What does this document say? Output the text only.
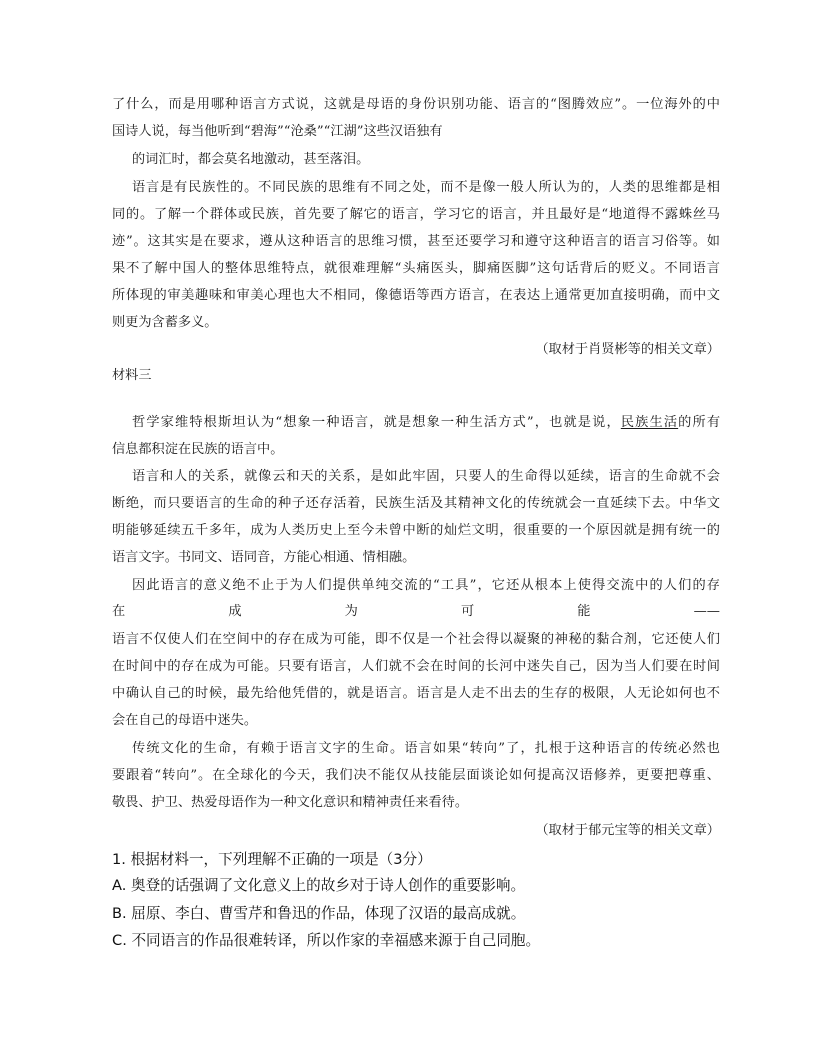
了什么，而是用哪种语言方式说，这就是母语的身份识别功能、语言的“图腾效应”。一位海外的中
国诗人说，每当他听到“碧海”“沧桑”“江湖”这些汉语独有
的词汇时，都会莫名地激动，甚至落泪。
语言是有民族性的。不同民族的思维有不同之处，而不是像一般人所认为的，人类的思维都是相
同的。了解一个群体或民族，首先要了解它的语言，学习它的语言，并且最好是“地道得不露蛛丝马
迹”。这其实是在要求，遵从这种语言的思维习惯，甚至还要学习和遵守这种语言的语言习俗等。如
果不了解中国人的整体思维特点，就很难理解“头痛医头，脚痛医脚”这句话背后的贬义。不同语言
所体现的审美趣味和审美心理也大不相同，像德语等西方语言，在表达上通常更加直接明确，而中文
则更为含蓄多义。
（取材于肖贤彬等的相关文章）
材料三
哲学家维特根斯坦认为“想象一种语言，就是想象一种生活方式”，也就是说，民族生活的所有
信息都积淀在民族的语言中。
语言和人的关系，就像云和天的关系，是如此牢固，只要人的生命得以延续，语言的生命就不会
断绝，而只要语言的生命的种子还存活着，民族生活及其精神文化的传统就会一直延续下去。中华文
明能够延续五千多年，成为人类历史上至今未曾中断的灿烂文明，很重要的一个原因就是拥有统一的
语言文字。书同文、语同音，方能心相通、情相融。
因此语言的意义绝不止于为人们提供单纯交流的“工具”，它还从根本上使得交流中的人们的存
在	成	为	可	能	——
语言不仅使人们在空间中的存在成为可能，即不仅是一个社会得以凝聚的神秘的黏合剂，它还使人们
在时间中的存在成为可能。只要有语言，人们就不会在时间的长河中迷失自己，因为当人们要在时间
中确认自己的时候，最先给他凭借的，就是语言。语言是人走不出去的生存的极限，人无论如何也不
会在自己的母语中迷失。
传统文化的生命，有赖于语言文字的生命。语言如果“转向”了，扎根于这种语言的传统必然也
要跟着“转向”。在全球化的今天，我们决不能仅从技能层面谈论如何提高汉语修养，更要把尊重、
敬畏、护卫、热爱母语作为一种文化意识和精神责任来看待。
（取材于郁元宝等的相关文章）
1. 根据材料一，下列理解不正确的一项是（3分）
A. 奥登的话强调了文化意义上的故乡对于诗人创作的重要影响。
B. 屈原、李白、曹雪芹和鲁迅的作品，体现了汉语的最高成就。
C. 不同语言的作品很难转译，所以作家的幸福感来源于自己同胞。
